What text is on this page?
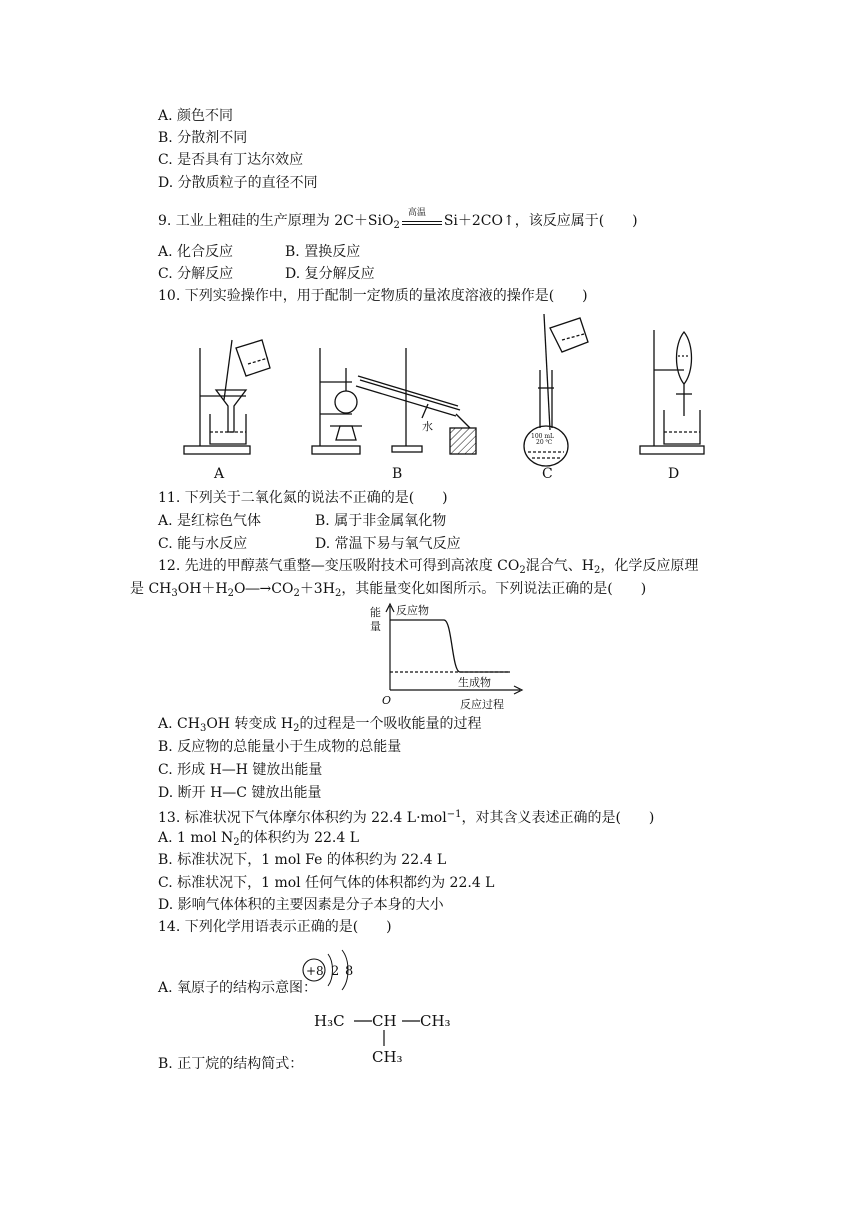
A. 颜色不同
B. 分散剂不同
C. 是否具有丁达尔效应
D. 分散质粒子的直径不同
9. 工业上粗硅的生产原理为 2C＋SiO$_2$
高温 Si＋2CO↑，该反应属于(　　)
A. 化合反应	B. 置换反应
C. 分解反应	D. 复分解反应
10. 下列实验操作中，用于配制一定物质的量浓度溶液的操作是(　　)
水
100 mL
20 ℃
A	B	C	D
11. 下列关于二氧化氮的说法不正确的是(　　)
A. 是红棕色气体	B. 属于非金属氧化物
C. 能与水反应	D. 常温下易与氧气反应
12. 先进的甲醇蒸气重整—变压吸附技术可得到高浓度 $CO_2$混合气、$H_2$，化学反应原理
是 $CH_3OH+H_2O―\to CO_2+3H_2$，其能量变化如图所示。下列说法正确的是(　　)
能
量
反应物
生成物
O	反应过程
A. $CH_3OH$ 转变成 $H_2$的过程是一个吸收能量的过程
B. 反应物的总能量小于生成物的总能量
C. 形成 H—H 键放出能量
D. 断开 H—C 键放出能量
13. 标准状况下气体摩尔体积约为 22.4 L·mol$^{-1}$，对其含义表述正确的是(　　)
A. 1 mol $N_2$的体积约为 22.4 L
B. 标准状况下，1 mol Fe 的体积约为 22.4 L
C. 标准状况下，1 mol 任何气体的体积都约为 22.4 L
D. 影响气体体积的主要因素是分子本身的大小
14. 下列化学用语表示正确的是(　　)
A. 氧原子的结构示意图：
+8 2 8
H₃C CH CH₃
CH₃
B. 正丁烷的结构简式：
